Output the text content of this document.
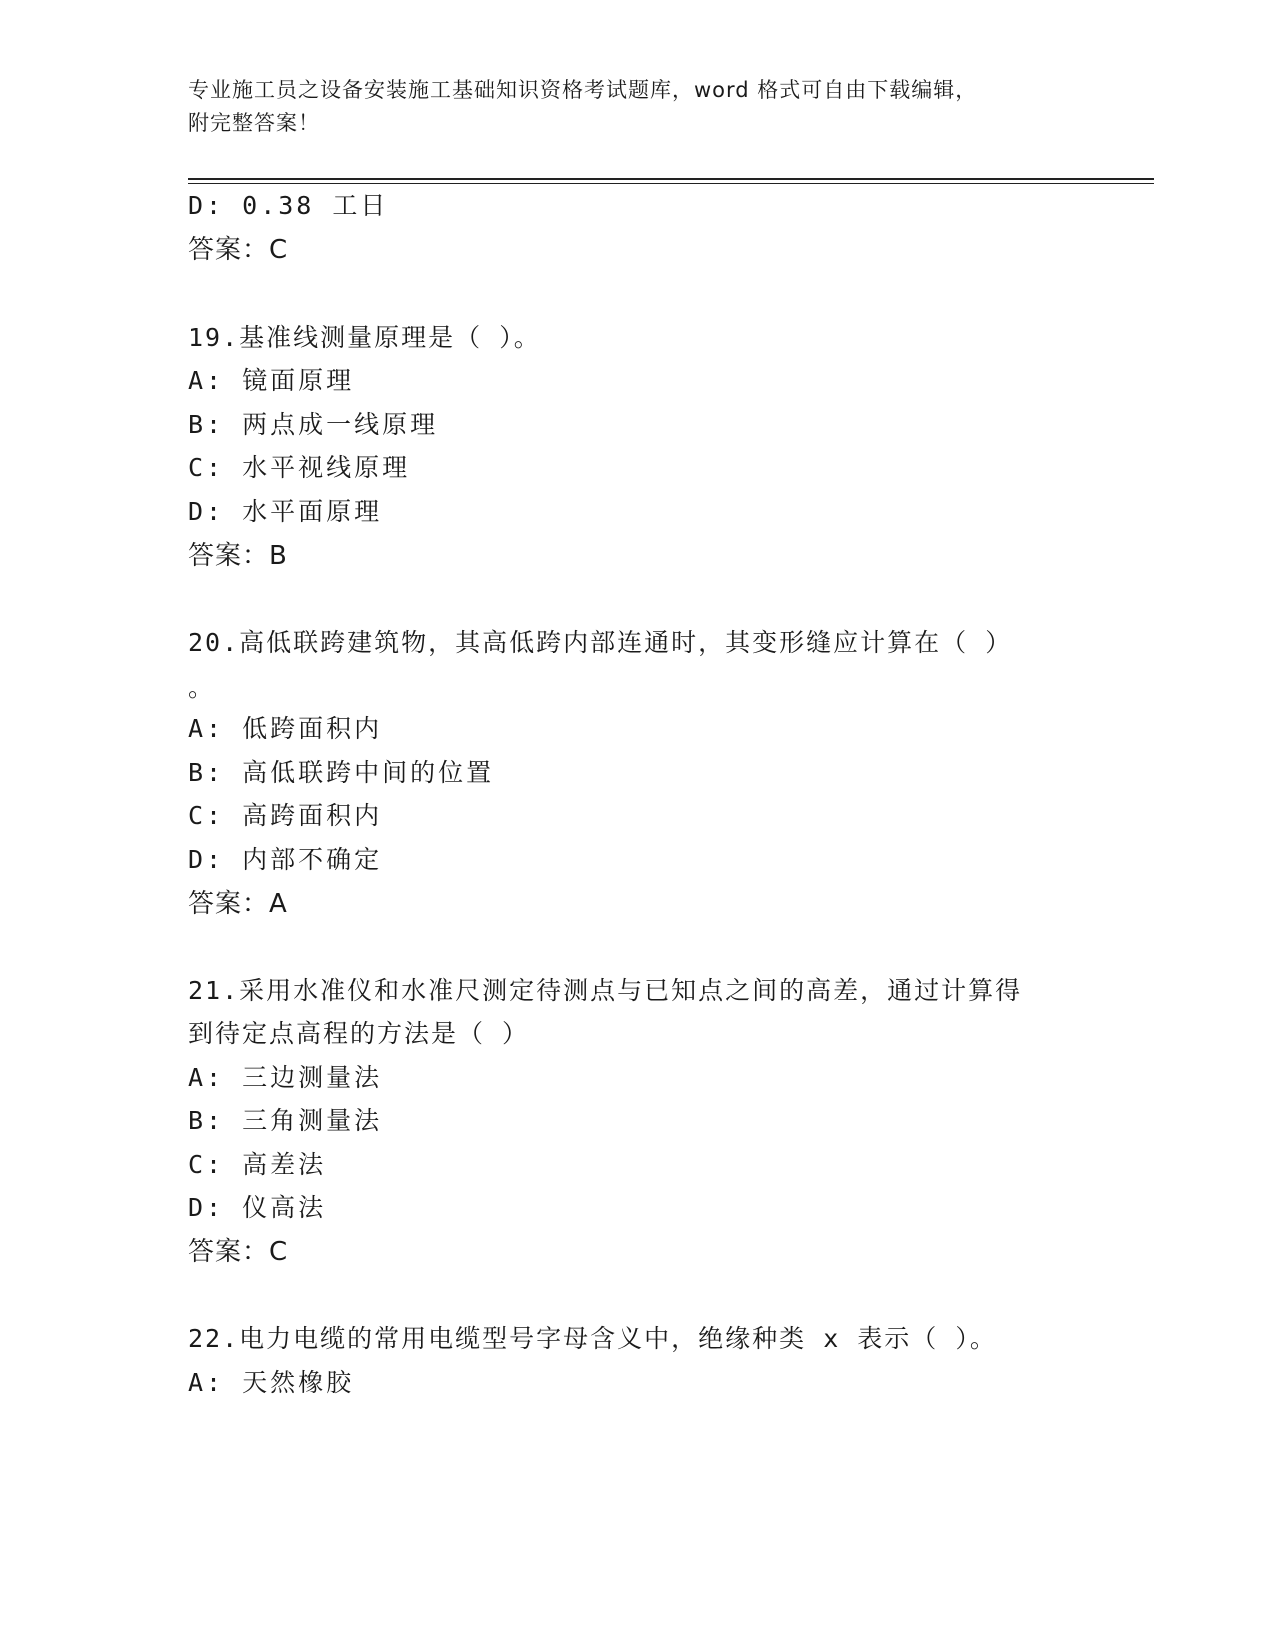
专业施工员之设备安装施工基础知识资格考试题库，word 格式可自由下载编辑，
附完整答案！
D: 0.38 工日
答案：C
19.基准线测量原理是（ ）。
A: 镜面原理
B: 两点成一线原理
C: 水平视线原理
D: 水平面原理
答案：B
20.高低联跨建筑物，其高低跨内部连通时，其变形缝应计算在（ ）
。
A: 低跨面积内
B: 高低联跨中间的位置
C: 高跨面积内
D: 内部不确定
答案：A
21.采用水准仪和水准尺测定待测点与已知点之间的高差，通过计算得
到待定点高程的方法是（ ）
A: 三边测量法
B: 三角测量法
C: 高差法
D: 仪高法
答案：C
22.电力电缆的常用电缆型号字母含义中，绝缘种类 x 表示（ ）。
A: 天然橡胶
